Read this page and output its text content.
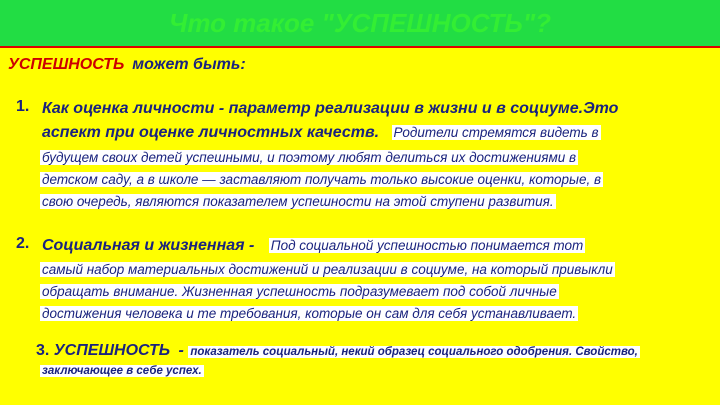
Что такое "УСПЕШНОСТЬ"?
УСПЕШНОСТЬ может быть:
1. Как оценка личности - параметр реализации в жизни и в социуме.Это
аспект при оценке личностных качеств. Родители стремятся видеть в
будущем своих детей успешными, и поэтому любят делиться их достижениями в
детском саду, а в школе — заставляют получать только высокие оценки, которые, в
свою очередь, являются показателем успешности на этой ступени развития.
2. Социальная и жизненная - Под социальной успешностью понимается тот
самый набор материальных достижений и реализации в социуме, на который привыкли
обращать внимание. Жизненная успешность подразумевает под собой личные
достижения человека и те требования, которые он сам для себя устанавливает.
3. УСПЕШНОСТЬ - показатель социальный, некий образец социального одобрения. Свойство,
заключающее в себе успех.
